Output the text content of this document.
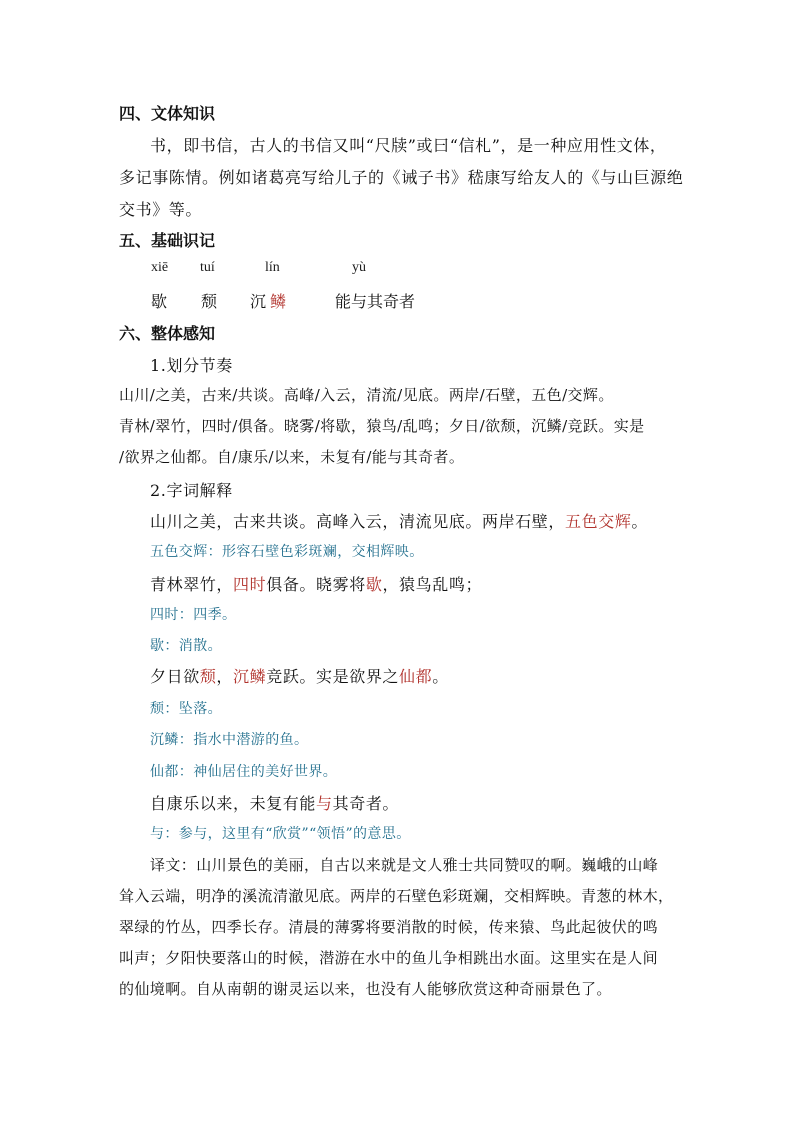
四、文体知识
书，即书信，古人的书信又叫“尺牍”或曰“信札”，是一种应用性文体，
多记事陈情。例如诸葛亮写给儿子的《诫子书》嵇康写给友人的《与山巨源绝
交书》等。
五、基础识记
xiē tuí	lín	yù
歇 颓 沉 鳞	能与其奇者
六、整体感知
1.划分节奏
山川/之美，古来/共谈。高峰/入云，清流/见底。两岸/石壁，五色/交辉。
青林/翠竹，四时/俱备。晓雾/将歇，猿鸟/乱鸣；夕日/欲颓，沉鳞/竞跃。实是
/欲界之仙都。自/康乐/以来，未复有/能与其奇者。
2.字词解释
山川之美，古来共谈。高峰入云，清流见底。两岸石壁，五色交辉。
五色交辉：形容石壁色彩斑斓，交相辉映。
青林翠竹，四时俱备。晓雾将歇，猿鸟乱鸣；
四时：四季。
歇：消散。
夕日欲颓，沉鳞竞跃。实是欲界之仙都。
颓：坠落。
沉鳞：指水中潜游的鱼。
仙都：神仙居住的美好世界。
自康乐以来，未复有能与其奇者。
与：参与，这里有“欣赏”“领悟”的意思。
译文：山川景色的美丽，自古以来就是文人雅士共同赞叹的啊。巍峨的山峰
耸入云端，明净的溪流清澈见底。两岸的石壁色彩斑斓，交相辉映。青葱的林木，
翠绿的竹丛，四季长存。清晨的薄雾将要消散的时候，传来猿、鸟此起彼伏的鸣
叫声；夕阳快要落山的时候，潜游在水中的鱼儿争相跳出水面。这里实在是人间
的仙境啊。自从南朝的谢灵运以来，也没有人能够欣赏这种奇丽景色了。
